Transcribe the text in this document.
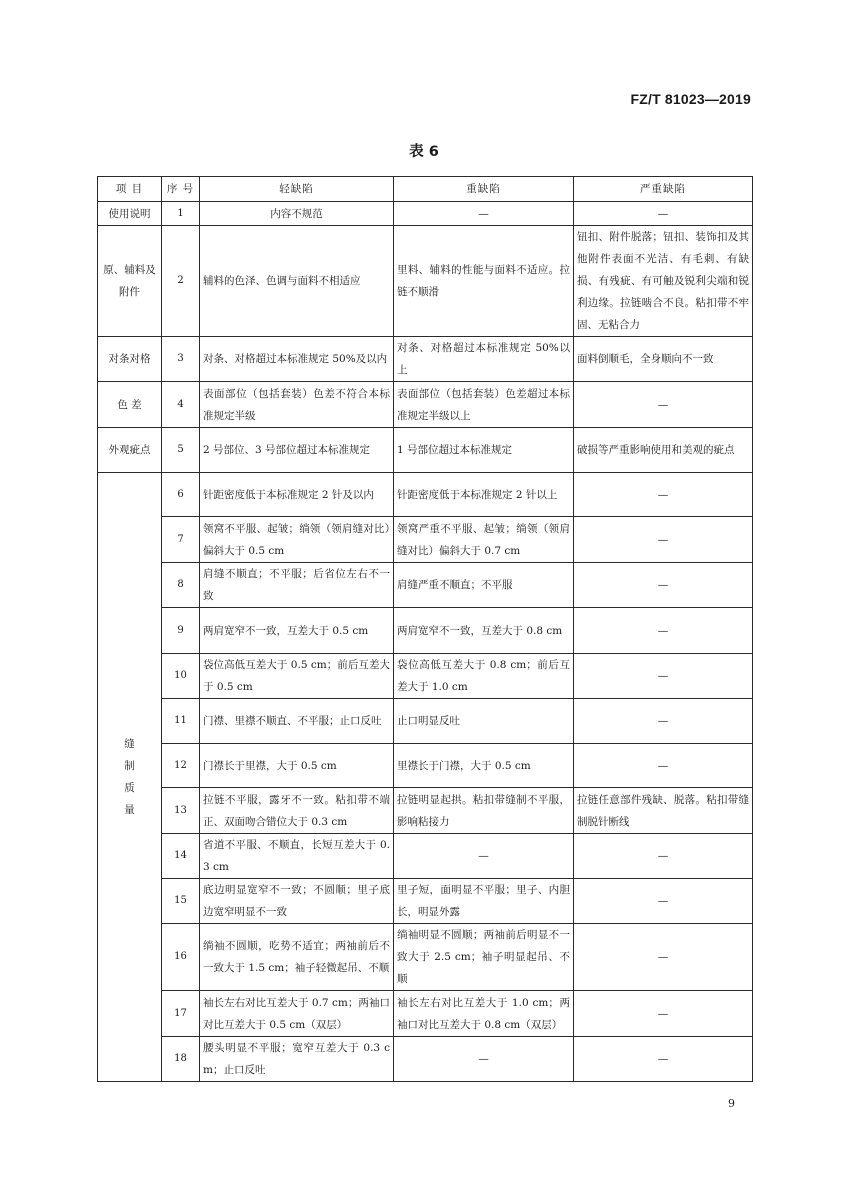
FZ/T 81023—2019
表 6
项 目	序 号	轻缺陷	重缺陷	严重缺陷
使用说明	1	内容不规范	—	—
原、辅料及附件	2	辅料的色泽、色调与面料不相适应	里料、辅料的性能与面料不适应。拉链不顺滑	钮扣、附件脱落；钮扣、装饰扣及其他附件表面不光洁、有毛刺、有缺损、有残疵、有可触及锐利尖端和锐利边缘。拉链啮合不良。粘扣带不牢固、无粘合力
对条对格	3	对条、对格超过本标准规定 50%及以内	对条、对格超过本标准规定 50%以上	面料倒顺毛，全身顺向不一致
色 差	4	表面部位（包括套装）色差不符合本标准规定半级	表面部位（包括套装）色差超过本标准规定半级以上	—
外观疵点	5	2 号部位、3 号部位超过本标准规定	1 号部位超过本标准规定	破损等严重影响使用和美观的疵点
缝制质量	6	针距密度低于本标准规定 2 针及以内	针距密度低于本标准规定 2 针以上	—
	7	领窝不平服、起皱；绱领（领肩缝对比）偏斜大于 0.5 cm	领窝严重不平服、起皱；绱领（领肩缝对比）偏斜大于 0.7 cm	—
	8	肩缝不顺直；不平服；后省位左右不一致	肩缝严重不顺直；不平服	—
	9	两肩宽窄不一致，互差大于 0.5 cm	两肩宽窄不一致，互差大于 0.8 cm	—
	10	袋位高低互差大于 0.5 cm；前后互差大于 0.5 cm	袋位高低互差大于 0.8 cm；前后互差大于 1.0 cm	—
	11	门襟、里襟不顺直、不平服；止口反吐	止口明显反吐	—
	12	门襟长于里襟，大于 0.5 cm	里襟长于门襟，大于 0.5 cm	—
	13	拉链不平服，露牙不一致。粘扣带不端正、双面吻合错位大于 0.3 cm	拉链明显起拱。粘扣带缝制不平服，影响粘接力	拉链任意部件残缺、脱落。粘扣带缝制脱针断线
	14	省道不平服、不顺直，长短互差大于 0.3 cm	—	—
	15	底边明显宽窄不一致；不圆顺；里子底边宽窄明显不一致	里子短，面明显不平服；里子、内胆长，明显外露	—
	16	绱袖不圆顺，吃势不适宜；两袖前后不一致大于 1.5 cm；袖子轻微起吊、不顺	绱袖明显不圆顺；两袖前后明显不一致大于 2.5 cm；袖子明显起吊、不顺	—
	17	袖长左右对比互差大于 0.7 cm；两袖口对比互差大于 0.5 cm（双层）	袖长左右对比互差大于 1.0 cm；两袖口对比互差大于 0.8 cm（双层）	—
	18	腰头明显不平服；宽窄互差大于 0.3 cm；止口反吐	—	—
9
